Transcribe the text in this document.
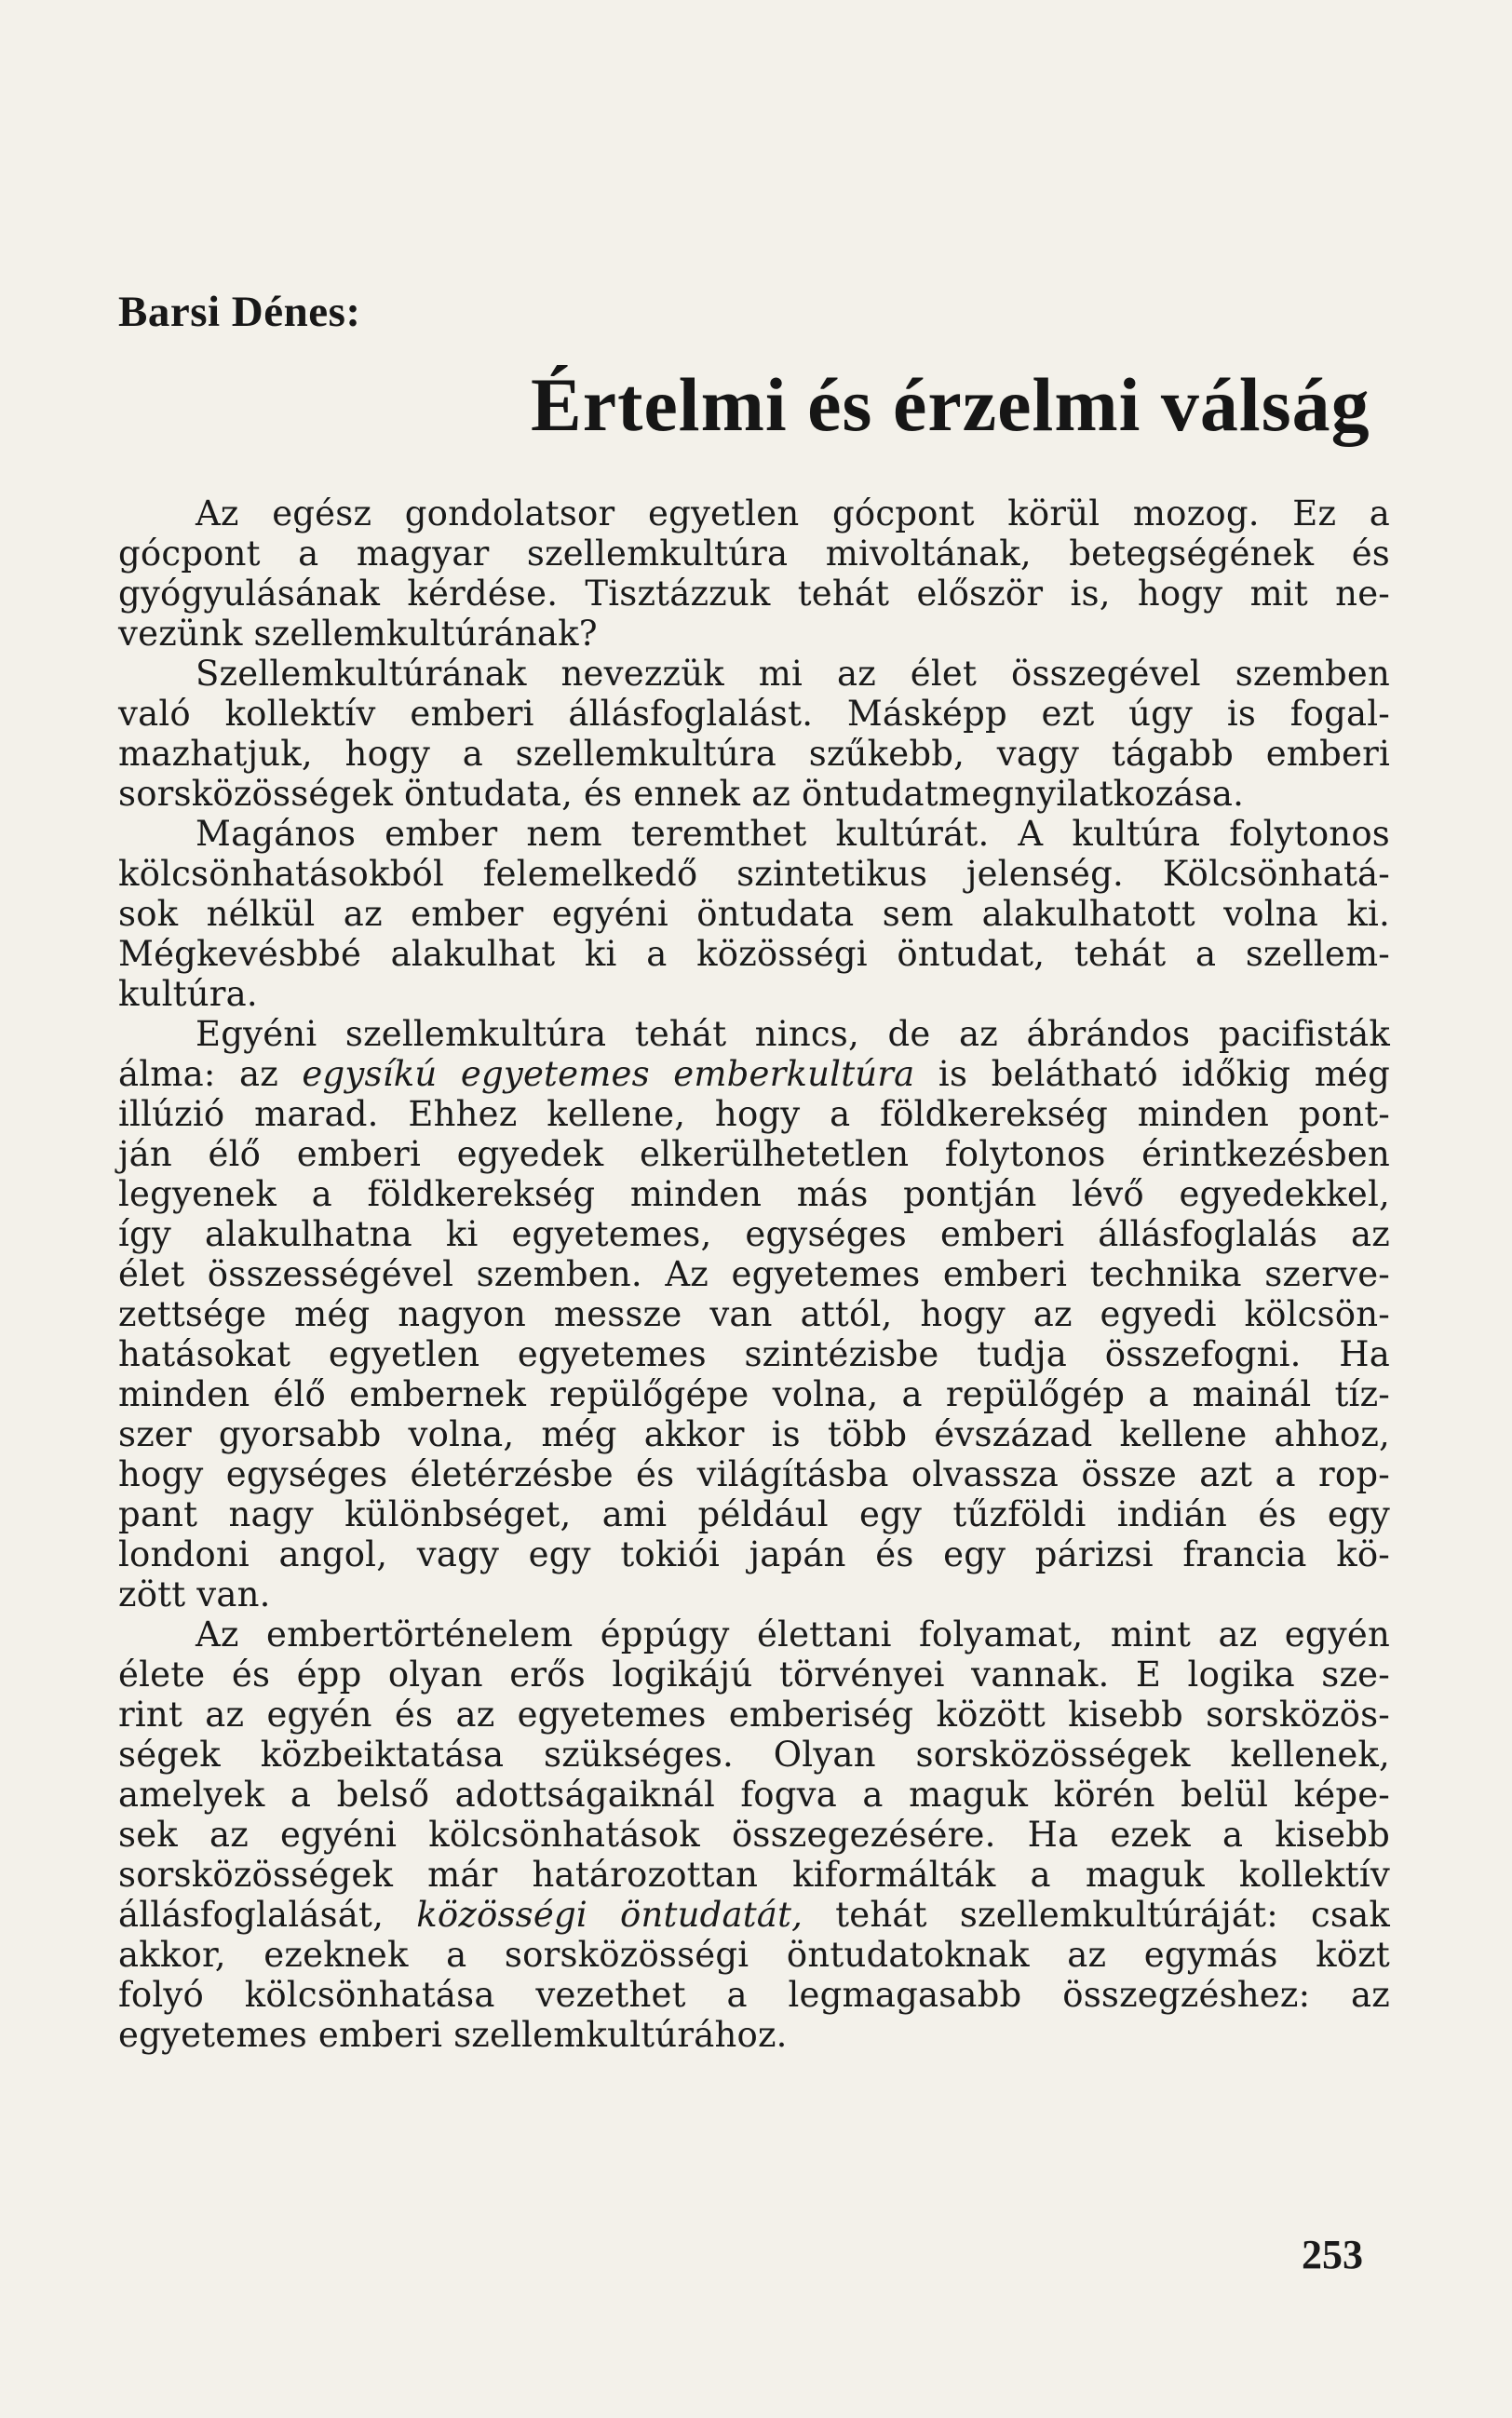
Barsi Dénes:
Értelmi és érzelmi válság
Az egész gondolatsor egyetlen gócpont körül mozog. Ez a
gócpont a magyar szellemkultúra mivoltának, betegségének és
gyógyulásának kérdése. Tisztázzuk tehát először is, hogy mit ne-
vezünk szellemkultúrának?
Szellemkultúrának nevezzük mi az élet összegével szemben
való kollektív emberi állásfoglalást. Másképp ezt úgy is fogal-
mazhatjuk, hogy a szellemkultúra szűkebb, vagy tágabb emberi
sorsközösségek öntudata, és ennek az öntudatmegnyilatkozása.
Magános ember nem teremthet kultúrát. A kultúra folytonos
kölcsönhatásokból felemelkedő szintetikus jelenség. Kölcsönhatá-
sok nélkül az ember egyéni öntudata sem alakulhatott volna ki.
Mégkevésbbé alakulhat ki a közösségi öntudat, tehát a szellem-
kultúra.
Egyéni szellemkultúra tehát nincs, de az ábrándos pacifisták
álma: az egysíkú egyetemes emberkultúra is belátható időkig még
illúzió marad. Ehhez kellene, hogy a földkerekség minden pont-
ján élő emberi egyedek elkerülhetetlen folytonos érintkezésben
legyenek a földkerekség minden más pontján lévő egyedekkel,
így alakulhatna ki egyetemes, egységes emberi állásfoglalás az
élet összességével szemben. Az egyetemes emberi technika szerve-
zettsége még nagyon messze van attól, hogy az egyedi kölcsön-
hatásokat egyetlen egyetemes szintézisbe tudja összefogni. Ha
minden élő embernek repülőgépe volna, a repülőgép a mainál tíz-
szer gyorsabb volna, még akkor is több évszázad kellene ahhoz,
hogy egységes életérzésbe és világításba olvassza össze azt a rop-
pant nagy különbséget, ami például egy tűzföldi indián és egy
londoni angol, vagy egy tokiói japán és egy párizsi francia kö-
zött van.
Az embertörténelem éppúgy élettani folyamat, mint az egyén
élete és épp olyan erős logikájú törvényei vannak. E logika sze-
rint az egyén és az egyetemes emberiség között kisebb sorsközös-
ségek közbeiktatása szükséges. Olyan sorsközösségek kellenek,
amelyek a belső adottságaiknál fogva a maguk körén belül képe-
sek az egyéni kölcsönhatások összegezésére. Ha ezek a kisebb
sorsközösségek már határozottan kiformálták a maguk kollektív
állásfoglalását, közösségi öntudatát, tehát szellemkultúráját: csak
akkor, ezeknek a sorsközösségi öntudatoknak az egymás közt
folyó kölcsönhatása vezethet a legmagasabb összegzéshez: az
egyetemes emberi szellemkultúrához.
253
